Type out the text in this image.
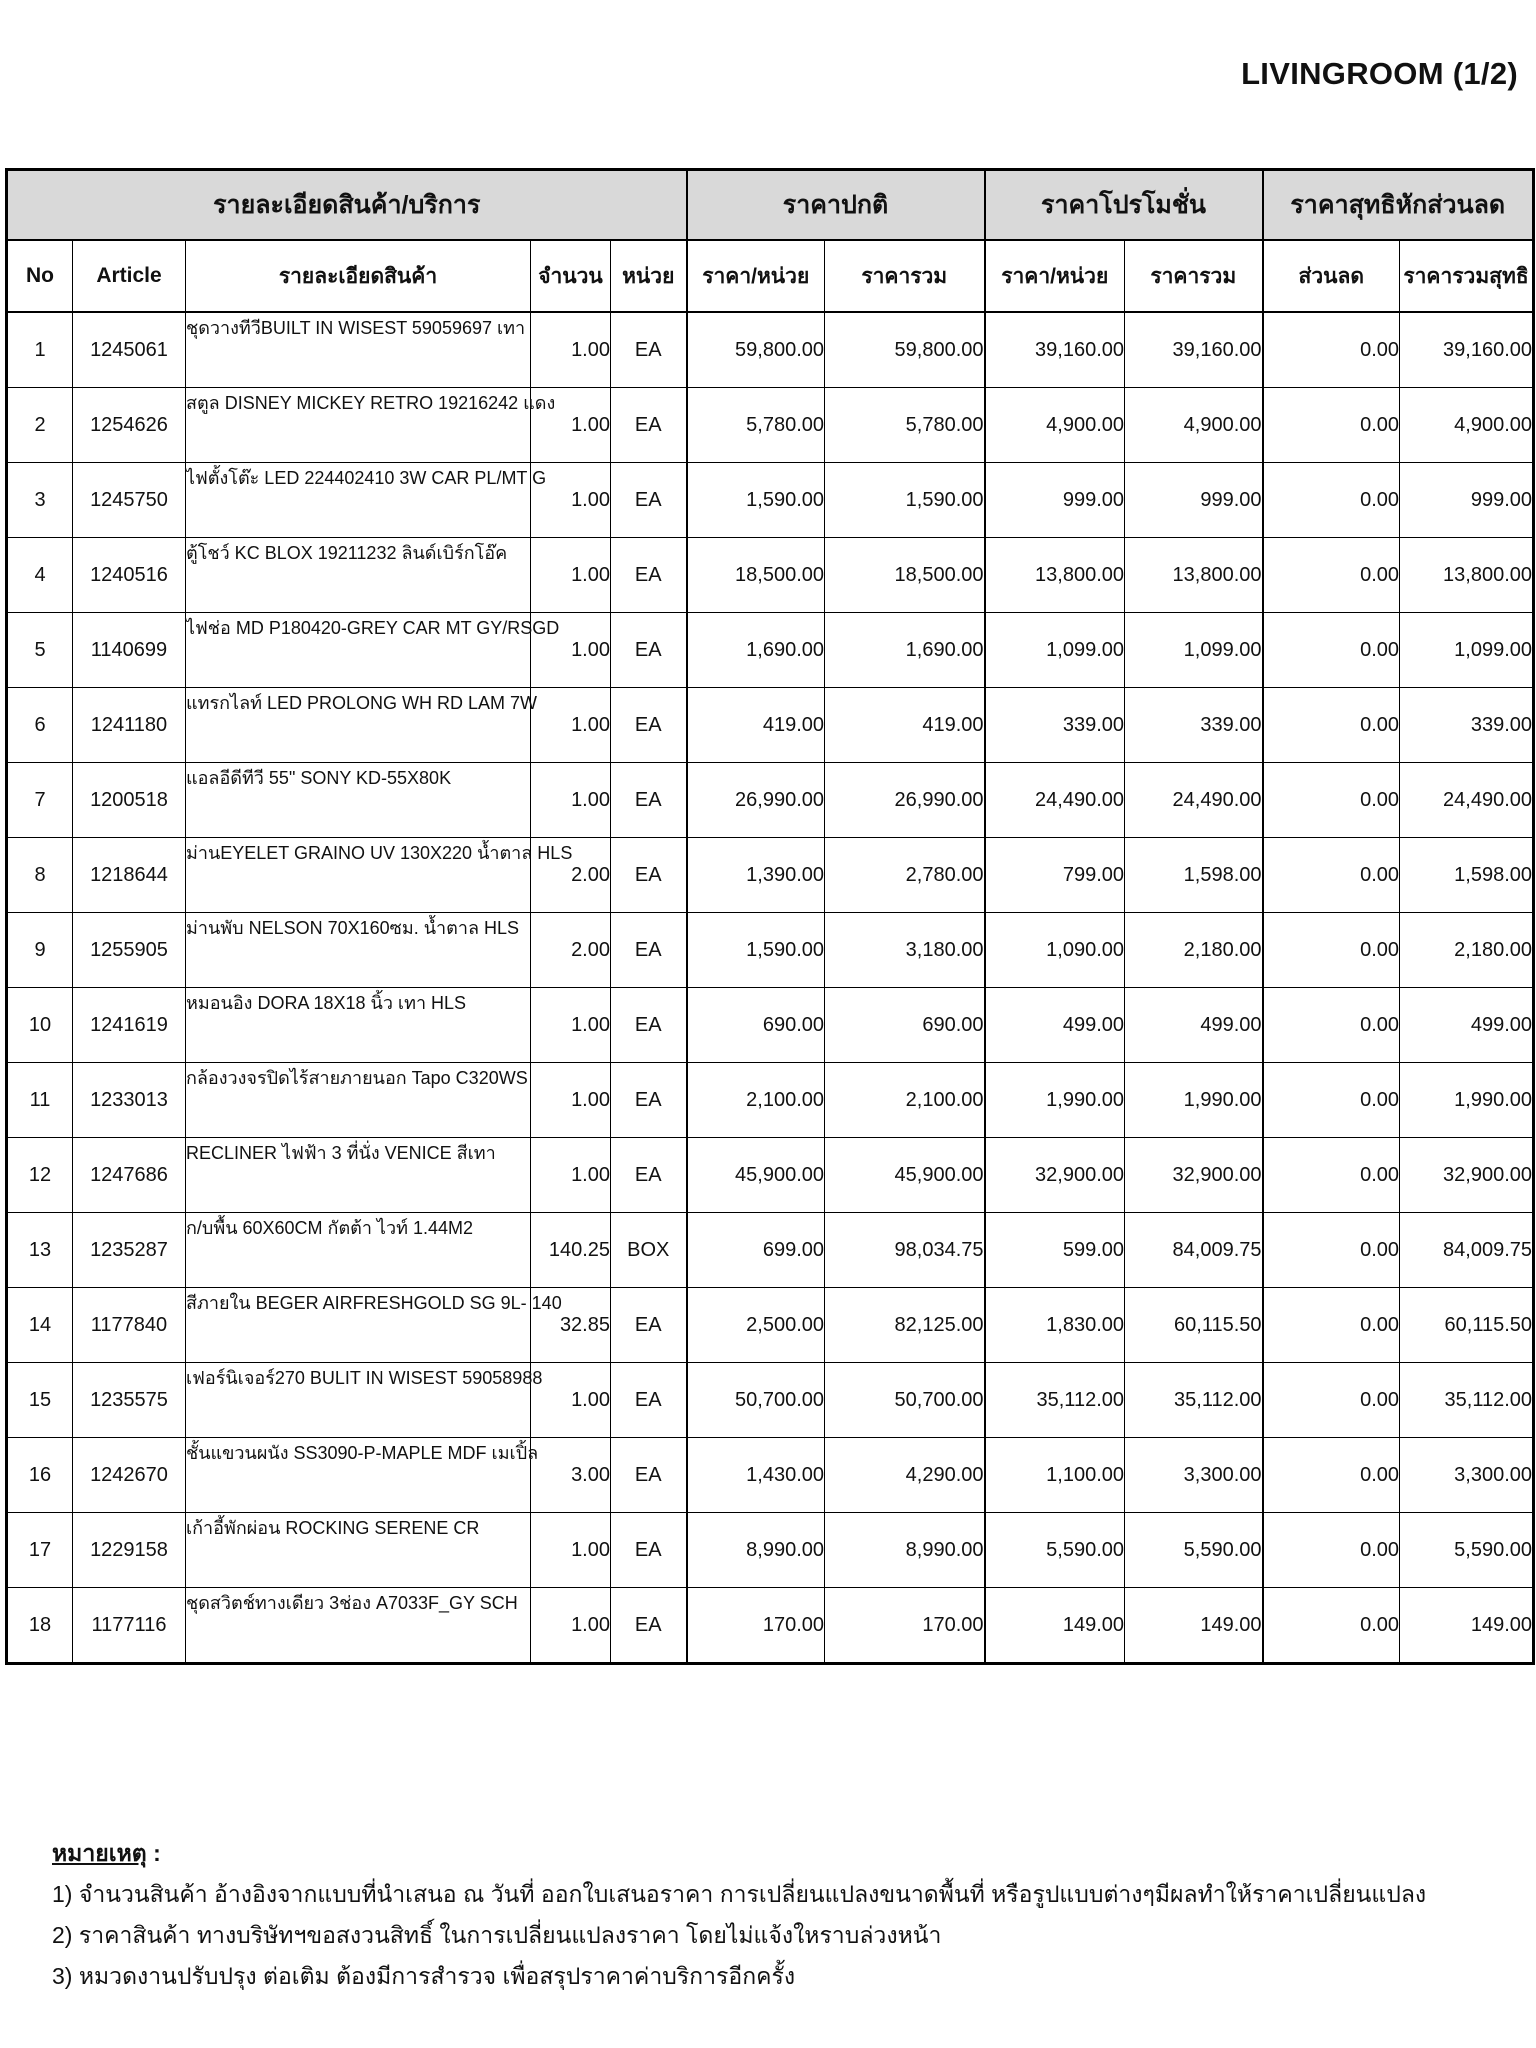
LIVINGROOM (1/2)
รายละเอียดสินค้า/บริการ					ราคาปกติ		ราคาโปรโมชั่น		ราคาสุทธิหักส่วนลด	
No	Article	รายละเอียดสินค้า	จำนวน	หน่วย	ราคา/หน่วย	ราคารวม	ราคา/หน่วย	ราคารวม	ส่วนลด	ราคารวมสุทธิ
1	1245061	ชุดวางทีวีBUILT IN WISEST 59059697 เทา	1.00	EA	59,800.00	59,800.00	39,160.00	39,160.00	0.00	39,160.00
2	1254626	สตูล DISNEY MICKEY RETRO 19216242 แดง	1.00	EA	5,780.00	5,780.00	4,900.00	4,900.00	0.00	4,900.00
3	1245750	ไฟตั้งโต๊ะ LED 224402410 3W CAR PL/MT G	1.00	EA	1,590.00	1,590.00	999.00	999.00	0.00	999.00
4	1240516	ตู้โชว์ KC BLOX 19211232 ลินด์เบิร์กโอ๊ค	1.00	EA	18,500.00	18,500.00	13,800.00	13,800.00	0.00	13,800.00
5	1140699	ไฟช่อ MD P180420-GREY CAR MT GY/RSGD	1.00	EA	1,690.00	1,690.00	1,099.00	1,099.00	0.00	1,099.00
6	1241180	แทรกไลท์ LED PROLONG WH RD LAM 7W	1.00	EA	419.00	419.00	339.00	339.00	0.00	339.00
7	1200518	แอลอีดีทีวี 55" SONY KD-55X80K	1.00	EA	26,990.00	26,990.00	24,490.00	24,490.00	0.00	24,490.00
8	1218644	ม่านEYELET GRAINO UV 130X220 น้ำตาล HLS	2.00	EA	1,390.00	2,780.00	799.00	1,598.00	0.00	1,598.00
9	1255905	ม่านพับ NELSON 70X160ซม. น้ำตาล HLS	2.00	EA	1,590.00	3,180.00	1,090.00	2,180.00	0.00	2,180.00
10	1241619	หมอนอิง DORA 18X18 นิ้ว เทา HLS	1.00	EA	690.00	690.00	499.00	499.00	0.00	499.00
11	1233013	กล้องวงจรปิดไร้สายภายนอก Tapo C320WS	1.00	EA	2,100.00	2,100.00	1,990.00	1,990.00	0.00	1,990.00
12	1247686	RECLINER ไฟฟ้า 3 ที่นั่ง VENICE สีเทา	1.00	EA	45,900.00	45,900.00	32,900.00	32,900.00	0.00	32,900.00
13	1235287	ก/บพื้น 60X60CM กัตต้า ไวท์ 1.44M2	140.25	BOX	699.00	98,034.75	599.00	84,009.75	0.00	84,009.75
14	1177840	สีภายใน BEGER AIRFRESHGOLD SG 9L- 140	32.85	EA	2,500.00	82,125.00	1,830.00	60,115.50	0.00	60,115.50
15	1235575	เฟอร์นิเจอร์270 BULIT IN WISEST 59058988	1.00	EA	50,700.00	50,700.00	35,112.00	35,112.00	0.00	35,112.00
16	1242670	ชั้นแขวนผนัง SS3090-P-MAPLE MDF เมเปิ้ล	3.00	EA	1,430.00	4,290.00	1,100.00	3,300.00	0.00	3,300.00
17	1229158	เก้าอี้พักผ่อน ROCKING SERENE CR	1.00	EA	8,990.00	8,990.00	5,590.00	5,590.00	0.00	5,590.00
18	1177116	ชุดสวิตช์ทางเดียว 3ช่อง A7033F_GY SCH	1.00	EA	170.00	170.00	149.00	149.00	0.00	149.00
หมายเหตุ :
1) จำนวนสินค้า อ้างอิงจากแบบที่นำเสนอ ณ วันที่ ออกใบเสนอราคา การเปลี่ยนแปลงขนาดพื้นที่ หรือรูปแบบต่างๆมีผลทำให้ราคาเปลี่ยนแปลง
2) ราคาสินค้า ทางบริษัทฯขอสงวนสิทธิ์ ในการเปลี่ยนแปลงราคา โดยไม่แจ้งใหราบล่วงหน้า
3) หมวดงานปรับปรุง ต่อเติม ต้องมีการสำรวจ เพื่อสรุปราคาค่าบริการอีกครั้ง
